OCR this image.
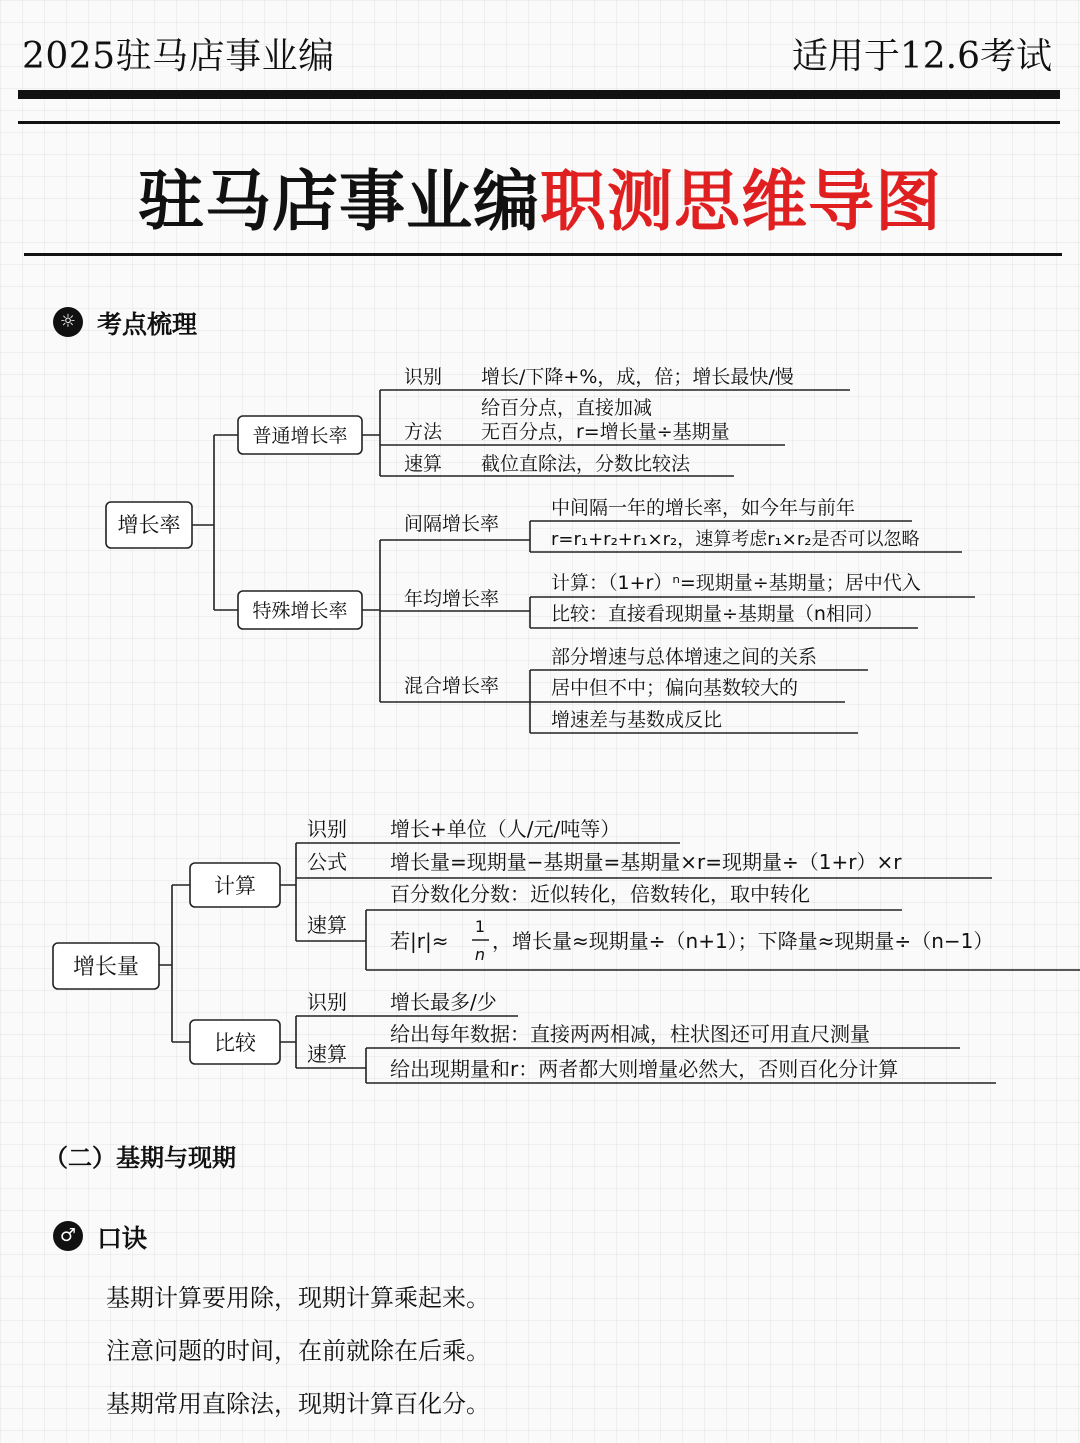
2025驻马店事业编	适用于12.6考试
驻马店事业编职测思维导图
☼ 考点梳理
增长率
普通增长率
识别 增长/下降+%，成，倍；增长最快/慢
给百分点，直接加减
方法 无百分点，r=增长量÷基期量
速算 截位直除法，分数比较法
特殊增长率
间隔增长率
中间隔一年的增长率，如今年与前年
r=r₁+r₂+r₁×r₂，速算考虑r₁×r₂是否可以忽略
年均增长率
计算：（1+r）ⁿ=现期量÷基期量；居中代入
比较：直接看现期量÷基期量（n相同）
混合增长率
部分增速与总体增速之间的关系
居中但不中；偏向基数较大的
增速差与基数成反比
增长量
计算
识别 增长+单位（人/元/吨等）
公式 增长量=现期量−基期量=基期量×r=现期量÷（1+r）×r
速算
百分数化分数：近似转化，倍数转化，取中转化
若|r|≈
1
n
，增长量≈现期量÷（n+1）；下降量≈现期量÷（n−1）
比较
识别 增长最多/少
速算
给出每年数据：直接两两相减，柱状图还可用直尺测量
给出现期量和r：两者都大则增量必然大，否则百化分计算
（二）基期与现期
♂ 口诀
基期计算要用除，现期计算乘起来。
注意问题的时间，在前就除在后乘。
基期常用直除法，现期计算百化分。
